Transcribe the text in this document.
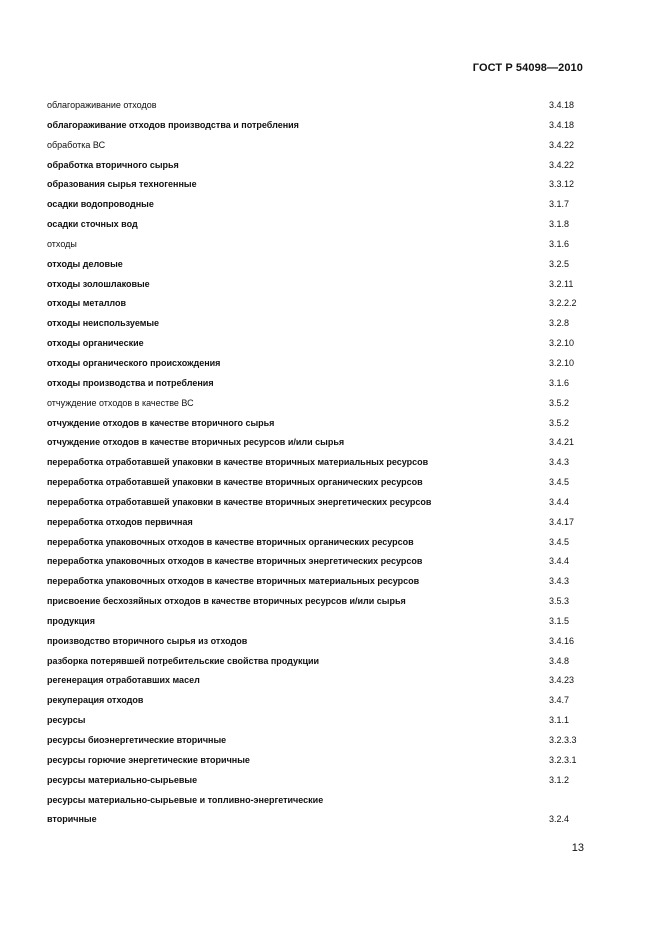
ГОСТ Р 54098—2010
облагораживание отходов	3.4.18
облагораживание отходов производства и потребления	3.4.18
обработка ВС	3.4.22
обработка вторичного сырья	3.4.22
образования сырья техногенные	3.3.12
осадки водопроводные	3.1.7
осадки сточных вод	3.1.8
отходы	3.1.6
отходы деловые	3.2.5
отходы золошлаковые	3.2.11
отходы металлов	3.2.2.2
отходы неиспользуемые	3.2.8
отходы органические	3.2.10
отходы органического происхождения	3.2.10
отходы производства и потребления	3.1.6
отчуждение отходов в качестве ВС	3.5.2
отчуждение отходов в качестве вторичного сырья	3.5.2
отчуждение отходов в качестве вторичных ресурсов и/или сырья	3.4.21
переработка отработавшей упаковки в качестве вторичных материальных ресурсов	3.4.3
переработка отработавшей упаковки в качестве вторичных органических ресурсов	3.4.5
переработка отработавшей упаковки в качестве вторичных энергетических ресурсов	3.4.4
переработка отходов первичная	3.4.17
переработка упаковочных отходов в качестве вторичных органических ресурсов	3.4.5
переработка упаковочных отходов в качестве вторичных энергетических ресурсов	3.4.4
переработка упаковочных отходов в качестве вторичных материальных ресурсов	3.4.3
присвоение бесхозяйных отходов в качестве вторичных ресурсов и/или сырья	3.5.3
продукция	3.1.5
производство вторичного сырья из отходов	3.4.16
разборка потерявшей потребительские свойства продукции	3.4.8
регенерация отработавших масел	3.4.23
рекуперация отходов	3.4.7
ресурсы	3.1.1
ресурсы биоэнергетические вторичные	3.2.3.3
ресурсы горючие энергетические вторичные	3.2.3.1
ресурсы материально-сырьевые	3.1.2
ресурсы материально-сырьевые и топливно-энергетические
вторичные	3.2.4
13
